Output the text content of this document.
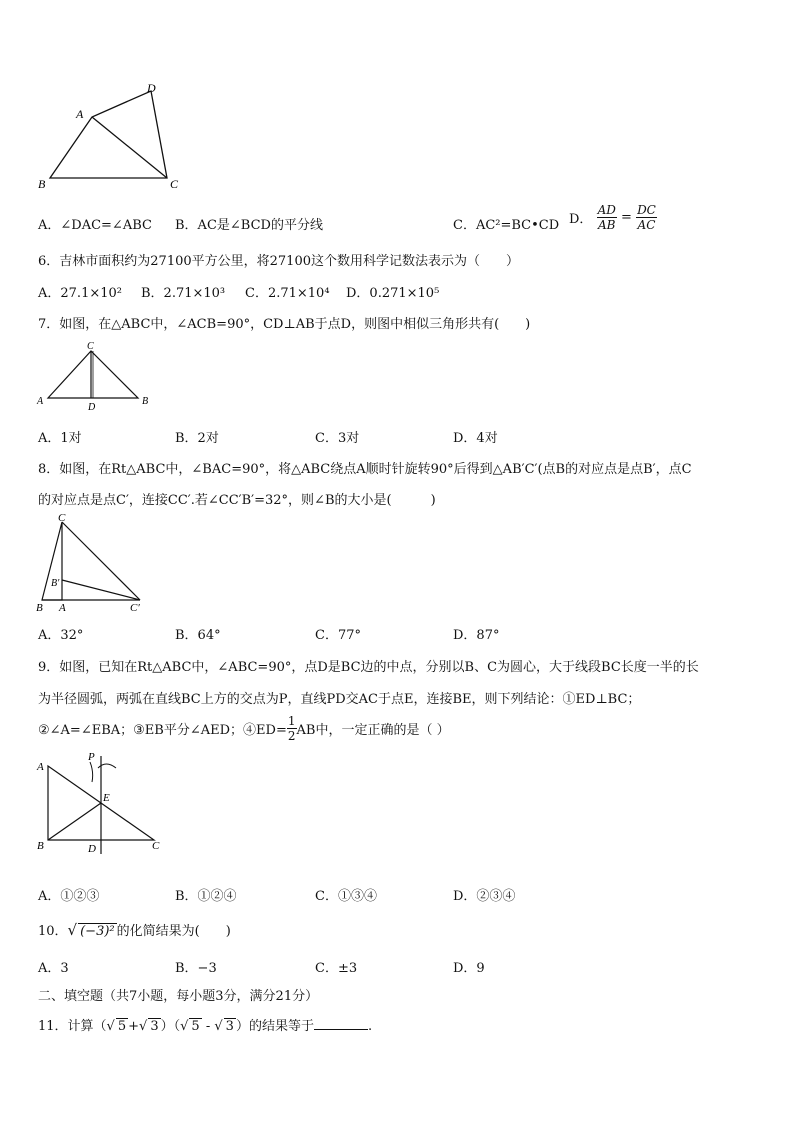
D
A
B	C
A．∠DAC=∠ABC B．AC是∠BCD的平分线	C．AC²=BC•CD D． $\frac{AD}{AB} = \frac{DC}{AC}$
6．吉林市面积约为27100平方公里，将27100这个数用科学记数法表示为（　　）
A．27.1×10² B．2.71×10³ C．2.71×10⁴ D．0.271×10⁵
7．如图，在△ABC中，∠ACB=90°，CD⊥AB于点D，则图中相似三角形共有(　　)
C
A
D
B
A．1对	B．2对	C．3对	D．4对
8．如图，在Rt△ABC中，∠BAC=90°，将△ABC绕点A顺时针旋转90°后得到△AB′C′(点B的对应点是点B′，点C
的对应点是点C′，连接CC′.若∠CC′B′=32°，则∠B的大小是(　　　)
C
B′
B A	C′
A．32°	B．64°	C．77°	D．87°
9．如图，已知在Rt△ABC中，∠ABC=90°，点D是BC边的中点，分别以B、C为圆心，大于线段BC长度一半的长
为半径圆弧，两弧在直线BC上方的交点为P，直线PD交AC于点E，连接BE，则下列结论：①ED⊥BC；
②∠A=∠EBA；③EB平分∠AED；④ED= $\frac{1}{2}$ AB中，一定正确的是（ ）
A
P
E
B	D	C
A．①②③	B．①②④	C．①③④	D．②③④
10．√ (−3)² 的化简结果为(　　)
A．3	B．−3	C．±3	D．9
二、填空题（共7小题，每小题3分，满分21分）
11．计算（√ 5 +√ 3 ）（√ 5 - √ 3 ）的结果等于	.
